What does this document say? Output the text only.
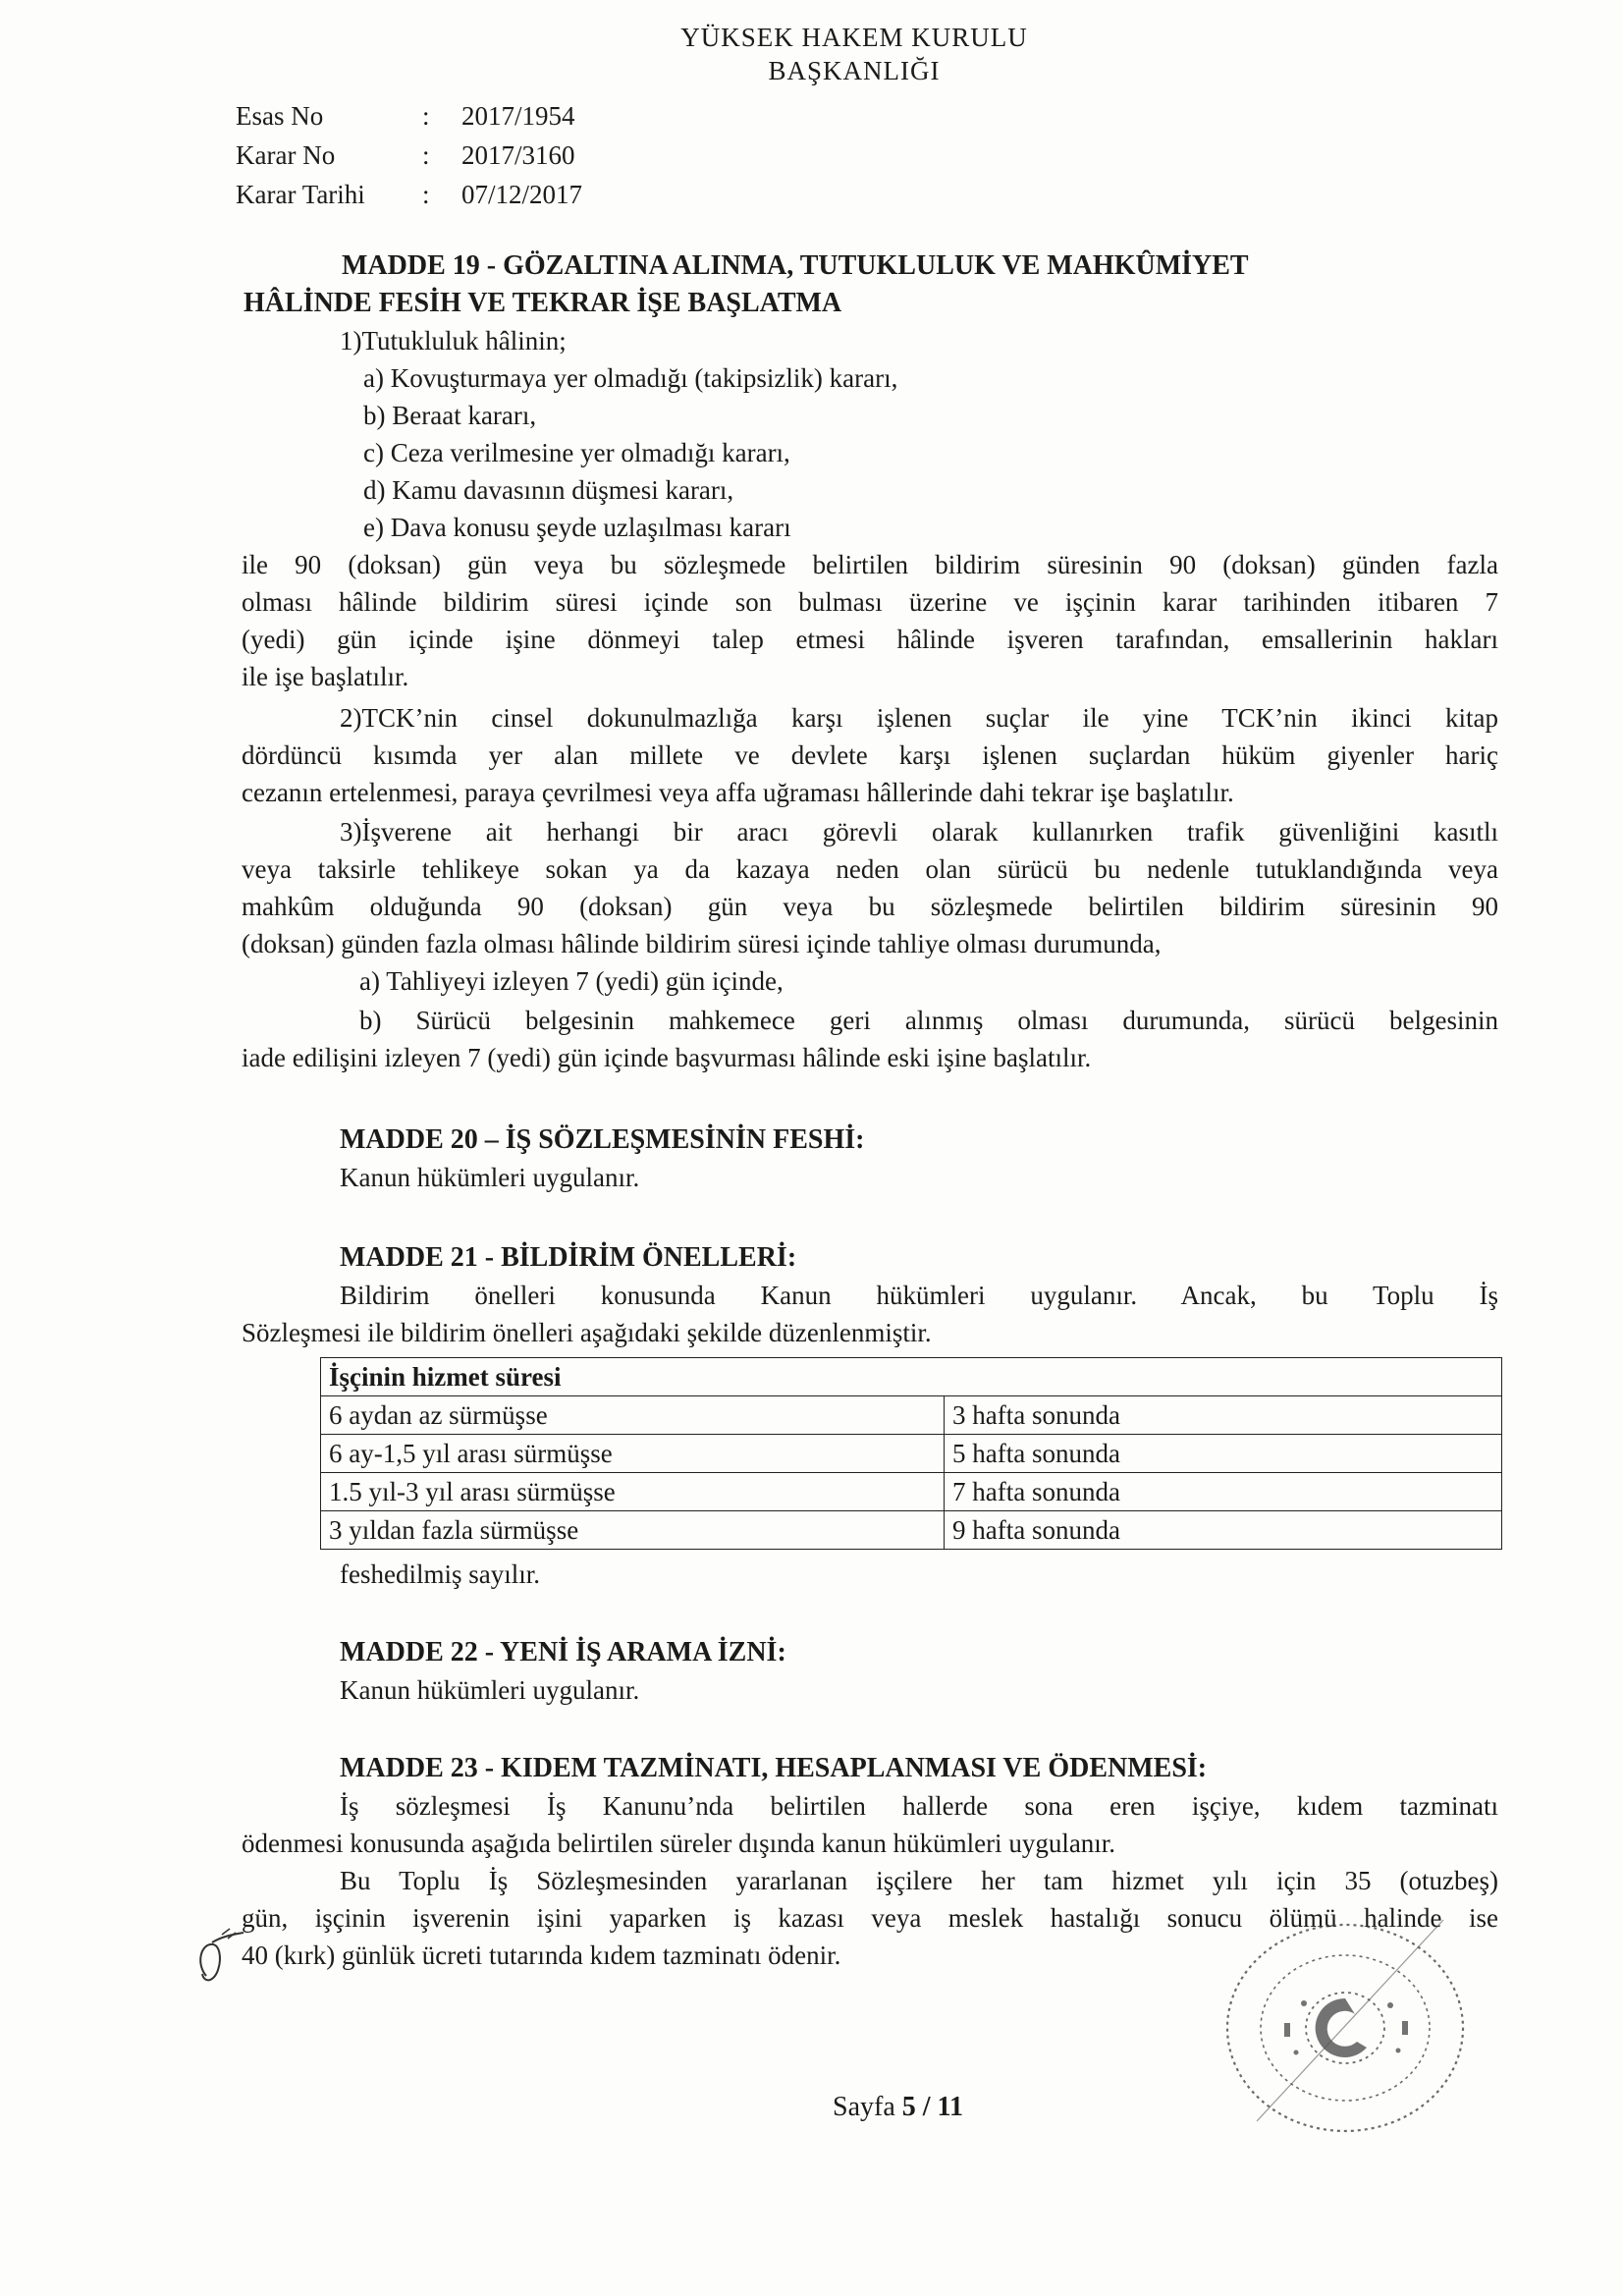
YÜKSEK HAKEM KURULU
BAŞKANLIĞI
Esas No	:	2017/1954
Karar No	:	2017/3160
Karar Tarihi	:	07/12/2017
MADDE 19 - GÖZALTINA ALINMA, TUTUKLULUK VE MAHKÛMİYET
HÂLİNDE FESİH VE TEKRAR İŞE BAŞLATMA
1)Tutukluluk hâlinin;
a) Kovuşturmaya yer olmadığı (takipsizlik) kararı,
b) Beraat kararı,
c) Ceza verilmesine yer olmadığı kararı,
d) Kamu davasının düşmesi kararı,
e) Dava konusu şeyde uzlaşılması kararı
ile 90 (doksan) gün veya bu sözleşmede belirtilen bildirim süresinin 90 (doksan) günden fazla
olması hâlinde bildirim süresi içinde son bulması üzerine ve işçinin karar tarihinden itibaren 7
(yedi) gün içinde işine dönmeyi talep etmesi hâlinde işveren tarafından, emsallerinin hakları
ile işe başlatılır.
2)TCK’nin cinsel dokunulmazlığa karşı işlenen suçlar ile yine TCK’nin ikinci kitap
dördüncü kısımda yer alan millete ve devlete karşı işlenen suçlardan hüküm giyenler hariç
cezanın ertelenmesi, paraya çevrilmesi veya affa uğraması hâllerinde dahi tekrar işe başlatılır.
3)İşverene ait herhangi bir aracı görevli olarak kullanırken trafik güvenliğini kasıtlı
veya taksirle tehlikeye sokan ya da kazaya neden olan sürücü bu nedenle tutuklandığında veya
mahkûm olduğunda 90 (doksan) gün veya bu sözleşmede belirtilen bildirim süresinin 90
(doksan) günden fazla olması hâlinde bildirim süresi içinde tahliye olması durumunda,
a) Tahliyeyi izleyen 7 (yedi) gün içinde,
b) Sürücü belgesinin mahkemece geri alınmış olması durumunda, sürücü belgesinin
iade edilişini izleyen 7 (yedi) gün içinde başvurması hâlinde eski işine başlatılır.
MADDE 20 – İŞ SÖZLEŞMESİNİN FESHİ:
Kanun hükümleri uygulanır.
MADDE 21 - BİLDİRİM ÖNELLERİ:
Bildirim önelleri konusunda Kanun hükümleri uygulanır. Ancak, bu Toplu İş
Sözleşmesi ile bildirim önelleri aşağıdaki şekilde düzenlenmiştir.
İşçinin hizmet süresi	
6 aydan az sürmüşse	3 hafta sonunda
6 ay-1,5 yıl arası sürmüşse	5 hafta sonunda
1.5 yıl-3 yıl arası sürmüşse	7 hafta sonunda
3 yıldan fazla sürmüşse	9 hafta sonunda
feshedilmiş sayılır.
MADDE 22 - YENİ İŞ ARAMA İZNİ:
Kanun hükümleri uygulanır.
MADDE 23 - KIDEM TAZMİNATI, HESAPLANMASI VE ÖDENMESİ:
İş sözleşmesi İş Kanunu’nda belirtilen hallerde sona eren işçiye, kıdem tazminatı
ödenmesi konusunda aşağıda belirtilen süreler dışında kanun hükümleri uygulanır.
Bu Toplu İş Sözleşmesinden yararlanan işçilere her tam hizmet yılı için 35 (otuzbeş)
gün, işçinin işverenin işini yaparken iş kazası veya meslek hastalığı sonucu ölümü halinde ise
40 (kırk) günlük ücreti tutarında kıdem tazminatı ödenir.
Sayfa 5 / 11
